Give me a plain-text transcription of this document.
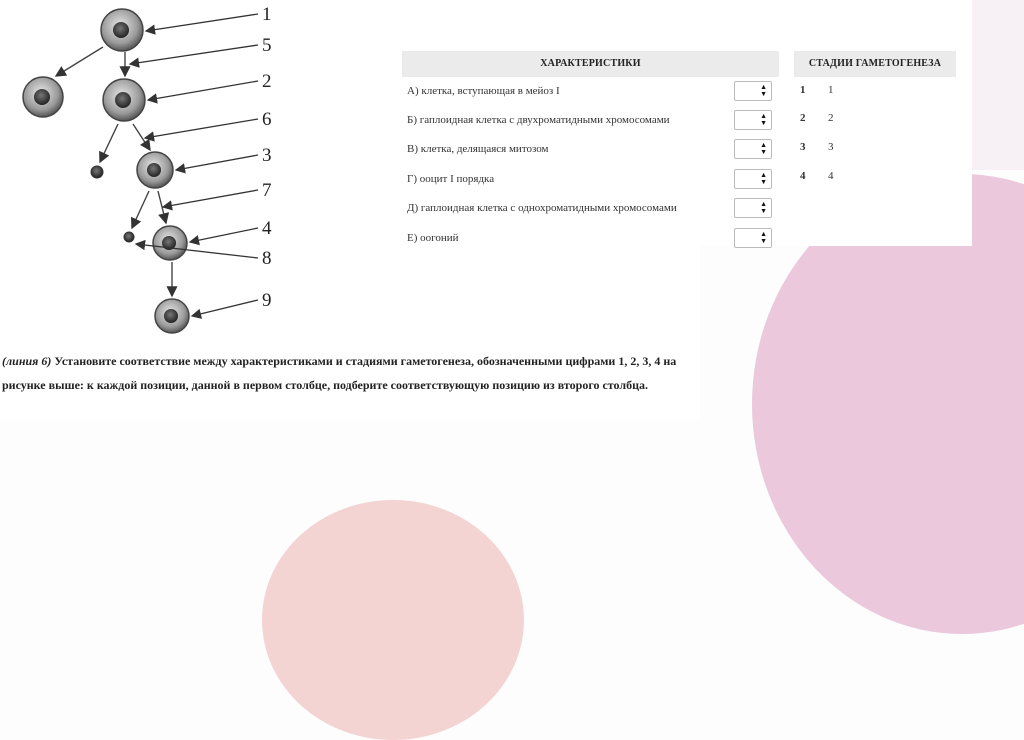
1
5
2
6
3
7
4
8
9
ХАРАКТЕРИСТИКИ	СТАДИИ ГАМЕТОГЕНЕЗА
А) клетка, вступающая в мейоз I	▲
▼
Б) гаплоидная клетка с двухроматидными хромосомами	▲
▼
В) клетка, делящаяся митозом	▲
▼
Г) ооцит I порядка	▲
▼
Д) гаплоидная клетка с однохроматидными хромосомами	▲
▼
Е) оогоний	▲
▼
1 1
2 2
3 3
4 4
(линия 6) Установите соответствие между характеристиками и стадиями гаметогенеза, обозначенными цифрами 1, 2, 3, 4 на рисунке выше: к каждой позиции, данной в первом столбце, подберите соответствующую позицию из второго столбца.
